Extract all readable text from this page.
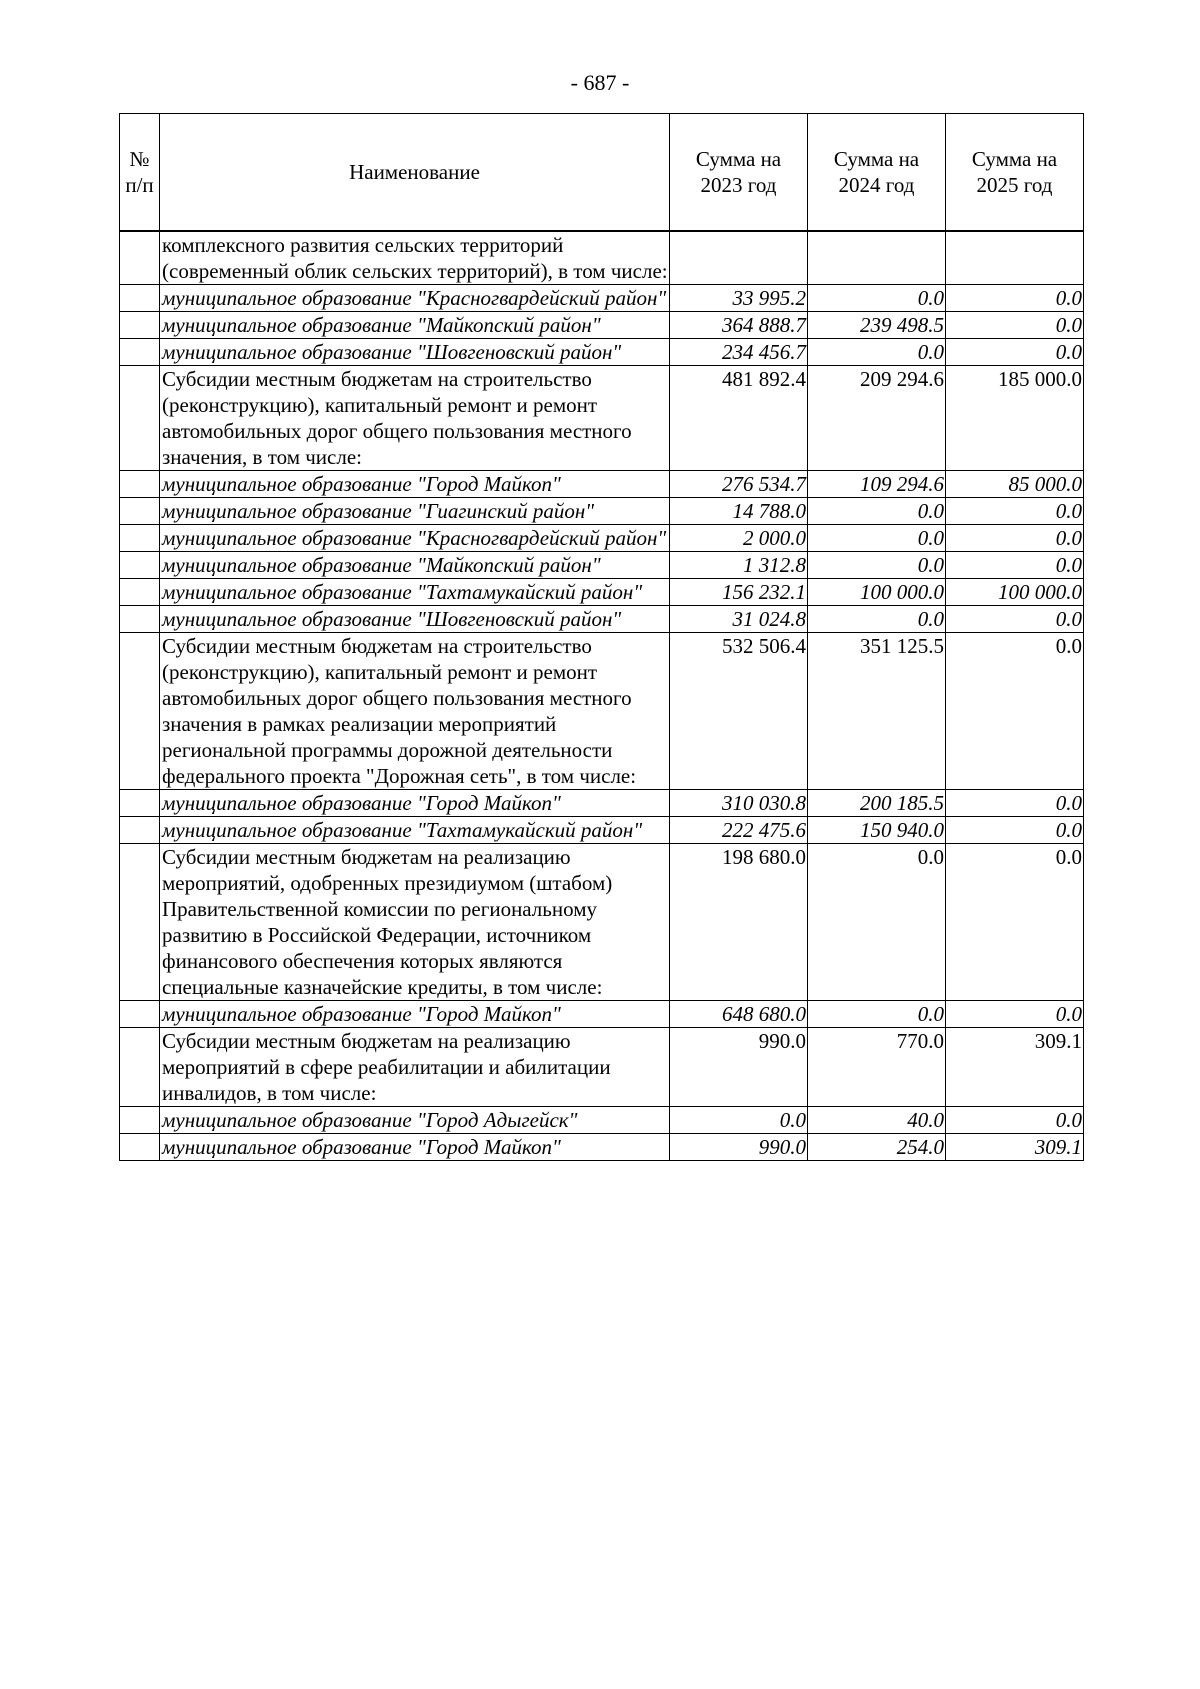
- 687 -
№ п/п	Наименование	Сумма на 2023 год	Сумма на 2024 год	Сумма на 2025 год
	комплексного развития сельских территорий (современный облик сельских территорий), в том числе:			
	муниципальное образование "Красногвардейский район"	33 995.2	0.0	0.0
	муниципальное образование "Майкопский район"	364 888.7	239 498.5	0.0
	муниципальное образование "Шовгеновский район"	234 456.7	0.0	0.0
	Субсидии местным бюджетам на строительство (реконструкцию), капитальный ремонт и ремонт автомобильных дорог общего пользования местного значения, в том числе:	481 892.4	209 294.6	185 000.0
	муниципальное образование "Город Майкоп"	276 534.7	109 294.6	85 000.0
	муниципальное образование "Гиагинский район"	14 788.0	0.0	0.0
	муниципальное образование "Красногвардейский район"	2 000.0	0.0	0.0
	муниципальное образование "Майкопский район"	1 312.8	0.0	0.0
	муниципальное образование "Тахтамукайский район"	156 232.1	100 000.0	100 000.0
	муниципальное образование "Шовгеновский район"	31 024.8	0.0	0.0
	Субсидии местным бюджетам на строительство (реконструкцию), капитальный ремонт и ремонт автомобильных дорог общего пользования местного значения в рамках реализации мероприятий региональной программы дорожной деятельности федерального проекта "Дорожная сеть", в том числе:	532 506.4	351 125.5	0.0
	муниципальное образование "Город Майкоп"	310 030.8	200 185.5	0.0
	муниципальное образование "Тахтамукайский район"	222 475.6	150 940.0	0.0
	Субсидии местным бюджетам на реализацию мероприятий, одобренных президиумом (штабом) Правительственной комиссии по региональному развитию в Российской Федерации, источником финансового обеспечения которых являются специальные казначейские кредиты, в том числе:	198 680.0	0.0	0.0
	муниципальное образование "Город Майкоп"	648 680.0	0.0	0.0
	Субсидии местным бюджетам на реализацию мероприятий в сфере реабилитации и абилитации инвалидов, в том числе:	990.0	770.0	309.1
	муниципальное образование "Город Адыгейск"	0.0	40.0	0.0
	муниципальное образование "Город Майкоп"	990.0	254.0	309.1
